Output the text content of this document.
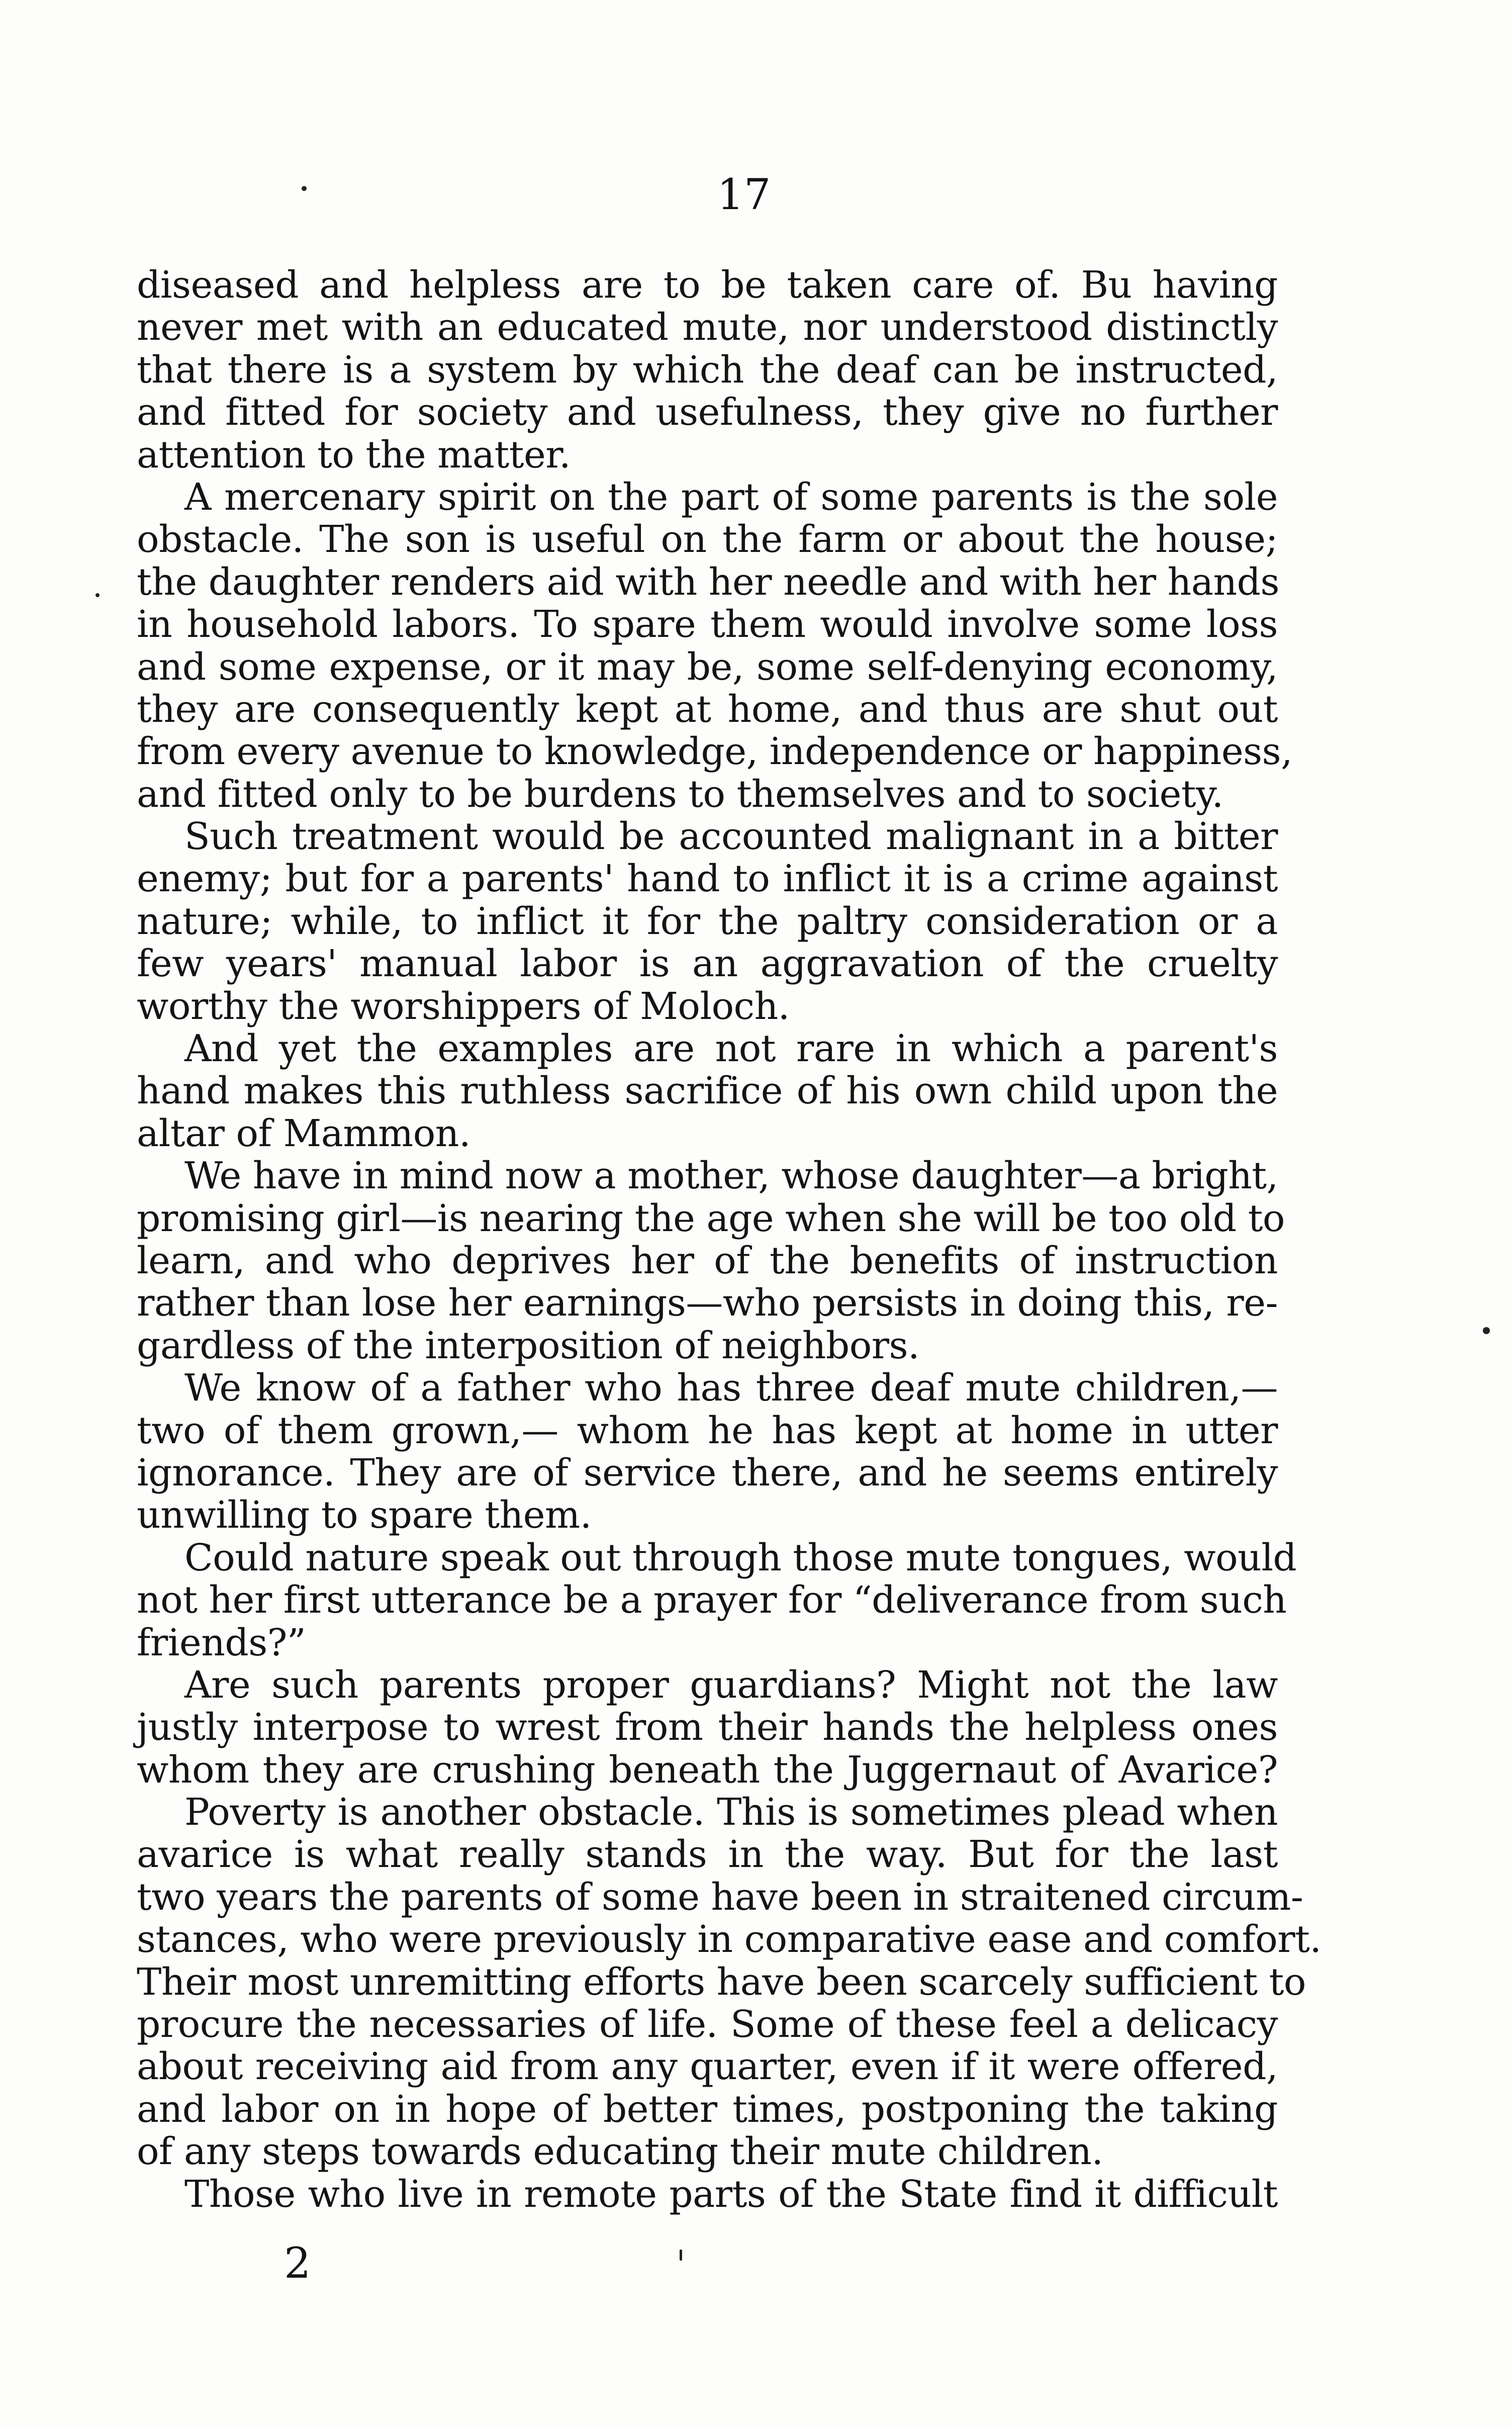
17
diseased and helpless are to be taken care of. Bu having
never met with an educated mute, nor understood distinctly
that there is a system by which the deaf can be instructed,
and fitted for society and usefulness, they give no further
attention to the matter.
A mercenary spirit on the part of some parents is the sole
obstacle. The son is useful on the farm or about the house;
the daughter renders aid with her needle and with her hands
in household labors. To spare them would involve some loss
and some expense, or it may be, some self-denying economy,
they are consequently kept at home, and thus are shut out
from every avenue to knowledge, independence or happiness,
and fitted only to be burdens to themselves and to society.
Such treatment would be accounted malignant in a bitter
enemy; but for a parents' hand to inflict it is a crime against
nature; while, to inflict it for the paltry consideration or a
few years' manual labor is an aggravation of the cruelty
worthy the worshippers of Moloch.
And yet the examples are not rare in which a parent's
hand makes this ruthless sacrifice of his own child upon the
altar of Mammon.
We have in mind now a mother, whose daughter—a bright,
promising girl—is nearing the age when she will be too old to
learn, and who deprives her of the benefits of instruction
rather than lose her earnings—who persists in doing this, re-
gardless of the interposition of neighbors.
We know of a father who has three deaf mute children,—
two of them grown,— whom he has kept at home in utter
ignorance. They are of service there, and he seems entirely
unwilling to spare them.
Could nature speak out through those mute tongues, would
not her first utterance be a prayer for “deliverance from such
friends?”
Are such parents proper guardians? Might not the law
justly interpose to wrest from their hands the helpless ones
whom they are crushing beneath the Juggernaut of Avarice?
Poverty is another obstacle. This is sometimes plead when
avarice is what really stands in the way. But for the last
two years the parents of some have been in straitened circum-
stances, who were previously in comparative ease and comfort.
Their most unremitting efforts have been scarcely sufficient to
procure the necessaries of life. Some of these feel a delicacy
about receiving aid from any quarter, even if it were offered,
and labor on in hope of better times, postponing the taking
of any steps towards educating their mute children.
Those who live in remote parts of the State find it difficult
2
